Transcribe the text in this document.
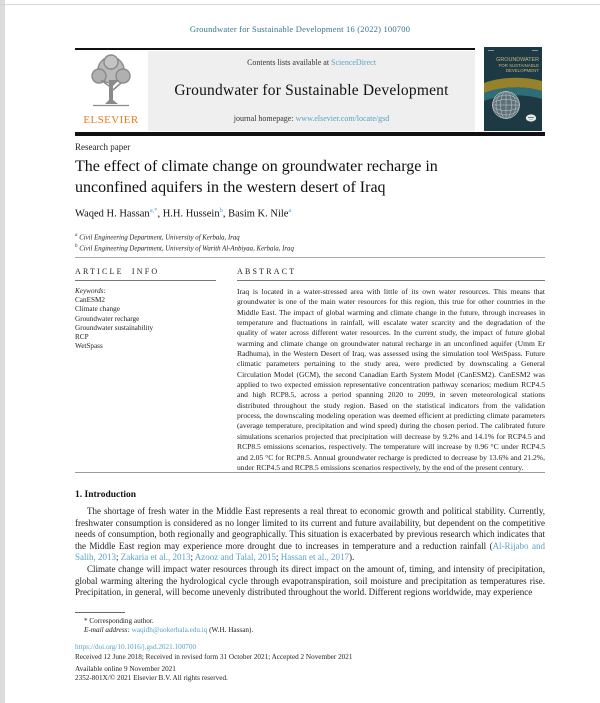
Groundwater for Sustainable Development 16 (2022) 100700
ELSEVIER
Contents lists available at ScienceDirect
Groundwater for Sustainable Development
journal homepage: www.elsevier.com/locate/gsd
GROUNDWATER
FOR SUSTAINABLE
DEVELOPMENT
Research paper
The effect of climate change on groundwater recharge in
unconfined aquifers in the western desert of Iraq
Waqed H. Hassan$^{a,*}$, H.H. Hussein$^b$, Basim K. Nile$^a$
$^a$ Civil Engineering Department, University of Kerbala, Iraq
$^b$ Civil Engineering Department, University of Warith Al-Anbiyaa, Kerbala, Iraq
ARTICLE INFO	ABSTRACT
Keywords:
CanESM2
Climate change
Groundwater recharge
Groundwater sustainability
RCP
WetSpass
Iraq is located in a water-stressed area with little of its own water resources. This means that groundwater is one of the main water resources for this region, this true for other countries in the Middle East. The impact of global warming and climate change in the future, through increases in temperature and fluctuations in rainfall, will escalate water scarcity and the degradation of the quality of water across different water resources. In the current study, the impact of future global warming and climate change on groundwater natural recharge in an unconfined aquifer (Umm Er Radhuma), in the Western Desert of Iraq, was assessed using the simulation tool WetSpass. Future climatic parameters pertaining to the study area, were predicted by downscaling a General Circulation Model (GCM), the second Canadian Earth System Model (CanESM2). CanESM2 was applied to two expected emission representative concentration pathway scenarios; medium RCP4.5 and high RCP8.5, across a period spanning 2020 to 2099, in seven meteorological stations distributed throughout the study region. Based on the statistical indicators from the validation process, the downscaling modeling operation was deemed efficient at predicting climate parameters (average temperature, precipitation and wind speed) during the chosen period. The calibrated future simulations scenarios projected that precipitation will decrease by 9.2% and 14.1% for RCP4.5 and RCP8.5 emissions scenarios, respectively. The temperature will increase by 0.96 °C under RCP4.5 and 2.05 °C for RCP8.5. Annual groundwater recharge is predicted to decrease by 13.6% and 21.2%, under RCP4.5 and RCP8.5 emissions scenarios respectively, by the end of the present century.
1. Introduction

The shortage of fresh water in the Middle East represents a real threat to economic growth and political stability. Currently, freshwater consumption is considered as no longer limited to its current and future availability, but dependent on the competitive needs of consumption, both regionally and geographically. This situation is exacerbated by previous research which indicates that the Middle East region may experience more drought due to increases in temperature and a reduction rainfall (Al-Rijabo and Salih, 2013; Zakaria et al., 2013; Azooz and Talal, 2015; Hassan et al., 2017).

Climate change will impact water resources through its direct impact on the amount of, timing, and intensity of precipitation, global warming altering the hydrological cycle through evapotranspiration, soil moisture and precipitation as temperatures rise. Precipitation, in general, will become unevenly distributed throughout the world. Different regions worldwide, may experience

* Corresponding author.
E-mail address: waqidh@uokerbala.edu.iq (W.H. Hassan).
https://doi.org/10.1016/j.gsd.2021.100700
Received 12 June 2018; Received in revised form 31 October 2021; Accepted 2 November 2021
Available online 9 November 2021
2352-801X/© 2021 Elsevier B.V. All rights reserved.
